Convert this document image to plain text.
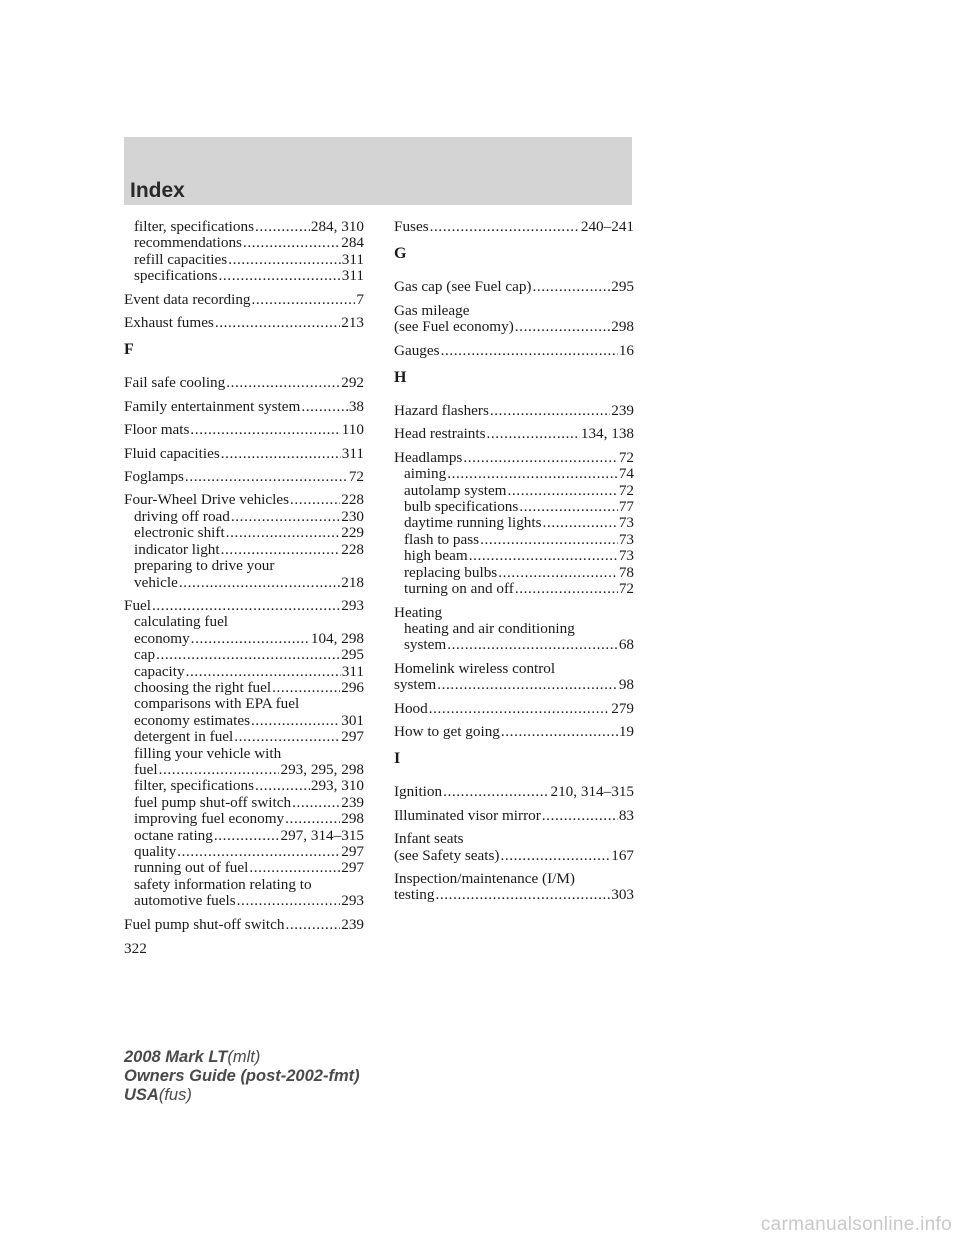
Index
filter, specifications . . .	284, 310
recommendations . . .	284
refill capacities . . .	311
specifications . . .	311
Event data recording . . .	7
Exhaust fumes . . .	213
F
Fail safe cooling . . .	292
Family entertainment system . . .	38
Floor mats . . .	110
Fluid capacities . . .	311
Foglamps . . .	72
Four-Wheel Drive vehicles . . .	228
driving off road . . .	230
electronic shift . . .	229
indicator light . . .	228
preparing to drive your
vehicle . . .	218
Fuel . . .	293
calculating fuel
economy . . .	104, 298
cap . . .	295
capacity . . .	311
choosing the right fuel . . .	296
comparisons with EPA fuel
economy estimates . . .	301
detergent in fuel . . .	297
filling your vehicle with
fuel . . .	293, 295, 298
filter, specifications . . .	293, 310
fuel pump shut-off switch . . .	239
improving fuel economy . . .	298
octane rating . . .	297, 314–315
quality . . .	297
running out of fuel . . .	297
safety information relating to
automotive fuels . . .	293
Fuel pump shut-off switch . . .	239
Fuses . . .	240–241
G
Gas cap (see Fuel cap) . . .	295
Gas mileage
(see Fuel economy) . . .	298
Gauges . . .	16
H
Hazard flashers . . .	239
Head restraints . . .	134, 138
Headlamps . . .	72
aiming . . .	74
autolamp system . . .	72
bulb specifications . . .	77
daytime running lights . . .	73
flash to pass . . .	73
high beam . . .	73
replacing bulbs . . .	78
turning on and off . . .	72
Heating
heating and air conditioning
system . . .	68
Homelink wireless control
system . . .	98
Hood . . .	279
How to get going . . .	19
I
Ignition . . .	210, 314–315
Illuminated visor mirror . . .	83
Infant seats
(see Safety seats) . . .	167
Inspection/maintenance (I/M)
testing . . .	303
322
2008 Mark LT(mlt)
Owners Guide (post-2002-fmt)
USA(fus)
carmanualsonline.info
